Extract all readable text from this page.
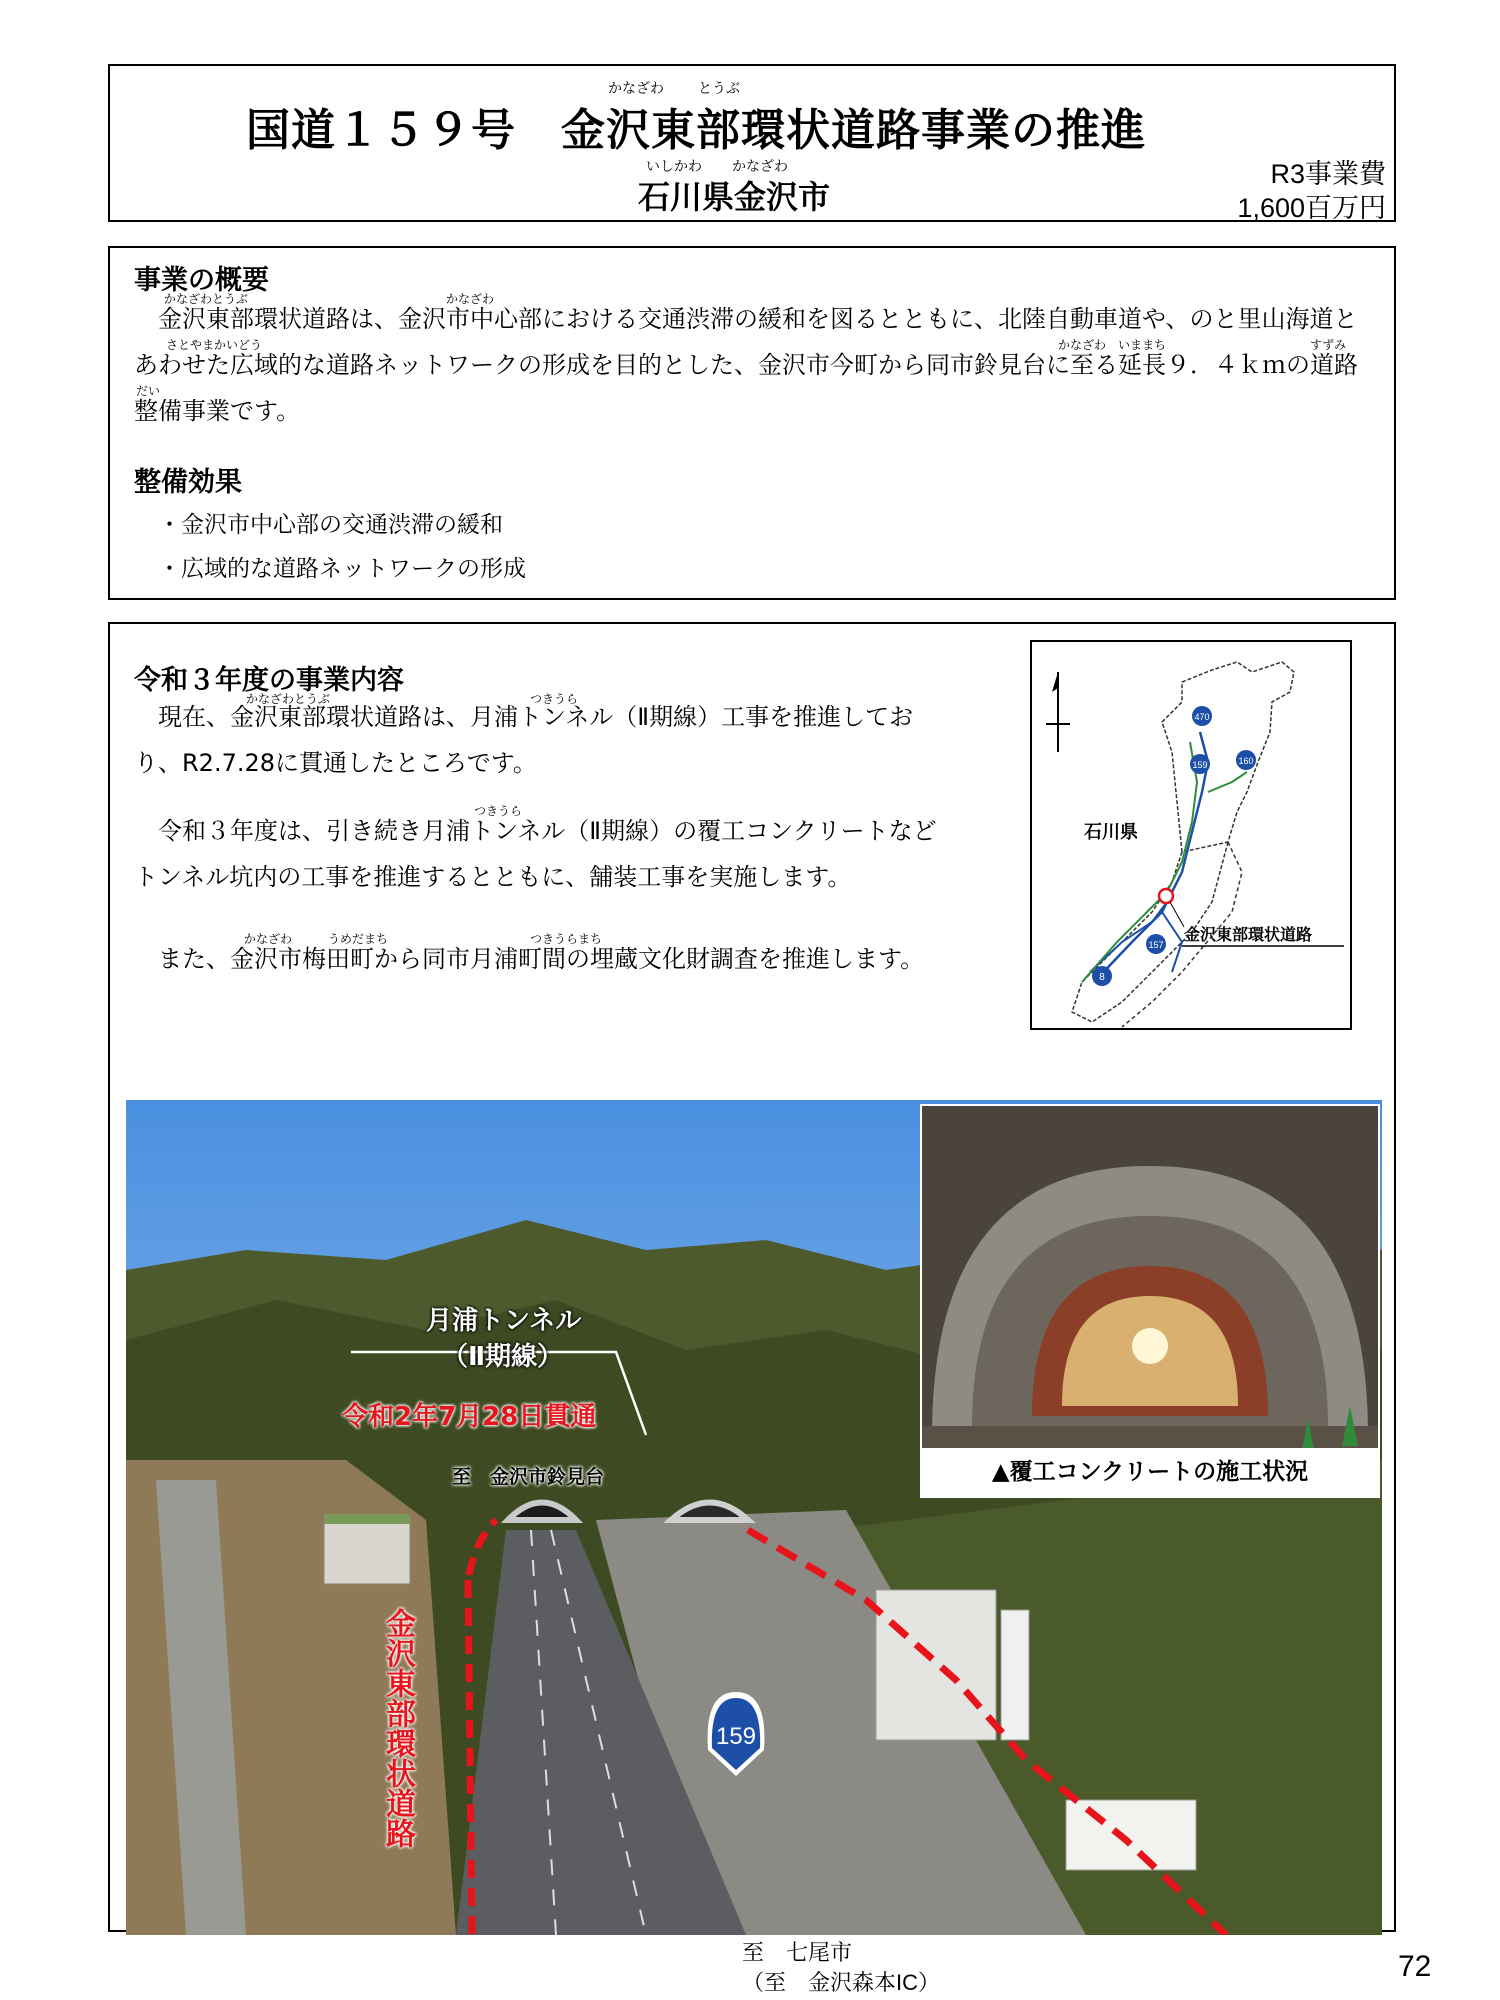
かなざわ とうぶ
国道１５９号　金沢東部環状道路事業の推進
いしかわ かなざわ
石川県金沢市
R3事業費
1,600百万円
事業の概要
かなざわとうぶ	かなざわ
さとやまかいどう	かなざわ　いままち	すずみ
だい
　金沢東部環状道路は、金沢市中心部における交通渋滞の緩和を図るとともに、北陸自動車道や、のと里山海道とあわせた広域的な道路ネットワークの形成を目的とした、金沢市今町から同市鈴見台に至る延長９．４ｋｍの道路整備事業です。
整備効果
・金沢市中心部の交通渋滞の緩和
・広域的な道路ネットワークの形成
令和３年度の事業内容
かなざわとうぶ	つきうら
　現在、金沢東部環状道路は、月浦トンネル（Ⅱ期線）工事を推進しており、R2.7.28に貫通したところです。
つきうら
　令和３年度は、引き続き月浦トンネル（Ⅱ期線）の覆工コンクリートなどトンネル坑内の工事を推進するとともに、舗装工事を実施します。
かなざわ	うめだまち	つきうらまち
　また、金沢市梅田町から同市月浦町間の埋蔵文化財調査を推進します。
470
159	160
157
8
石川県
金沢東部環状道路
159
月浦トンネル
（Ⅱ期線）
令和2年7月28日貫通
至　金沢市鈴見台
金沢東部環状道路
▲覆工コンクリートの施工状況
至　七尾市
（至　金沢森本IC）	72
